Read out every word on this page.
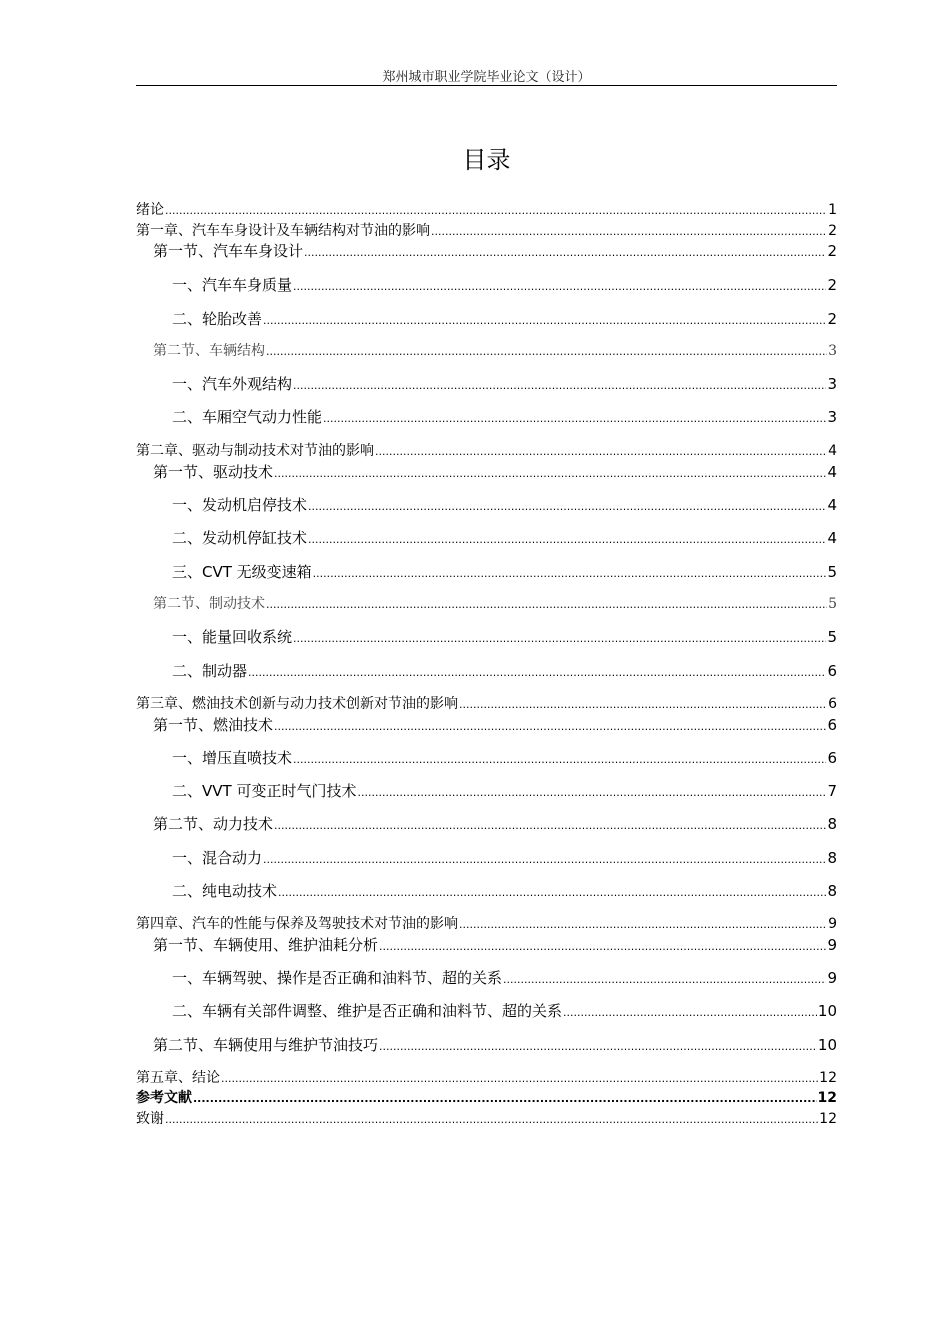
郑州城市职业学院毕业论文（设计）
目录
绪论 .....	1
第一章、汽车车身设计及车辆结构对节油的影响 .....	2
第一节、汽车车身设计 .....	2
一、汽车车身质量 .....	2
二、轮胎改善 .....	2
第二节、车辆结构 .....	3
一、汽车外观结构 .....	3
二、车厢空气动力性能 .....	3
第二章、驱动与制动技术对节油的影响 .....	4
第一节、驱动技术 .....	4
一、发动机启停技术 .....	4
二、发动机停缸技术 .....	4
三、CVT 无级变速箱 .....	5
第二节、制动技术 .....	5
一、能量回收系统 .....	5
二、制动器 .....	6
第三章、燃油技术创新与动力技术创新对节油的影响 .....	6
第一节、燃油技术 .....	6
一、增压直喷技术 .....	6
二、VVT 可变正时气门技术 .....	7
第二节、动力技术 .....	8
一、混合动力 .....	8
二、纯电动技术 .....	8
第四章、汽车的性能与保养及驾驶技术对节油的影响 .....	9
第一节、车辆使用、维护油耗分析 .....	9
一、车辆驾驶、操作是否正确和油料节、超的关系 .....	9
二、车辆有关部件调整、维护是否正确和油料节、超的关系 .....	10
第二节、车辆使用与维护节油技巧 .....	10
第五章、结论 .....	12
参考文献 .....	12
致谢 .....	12
